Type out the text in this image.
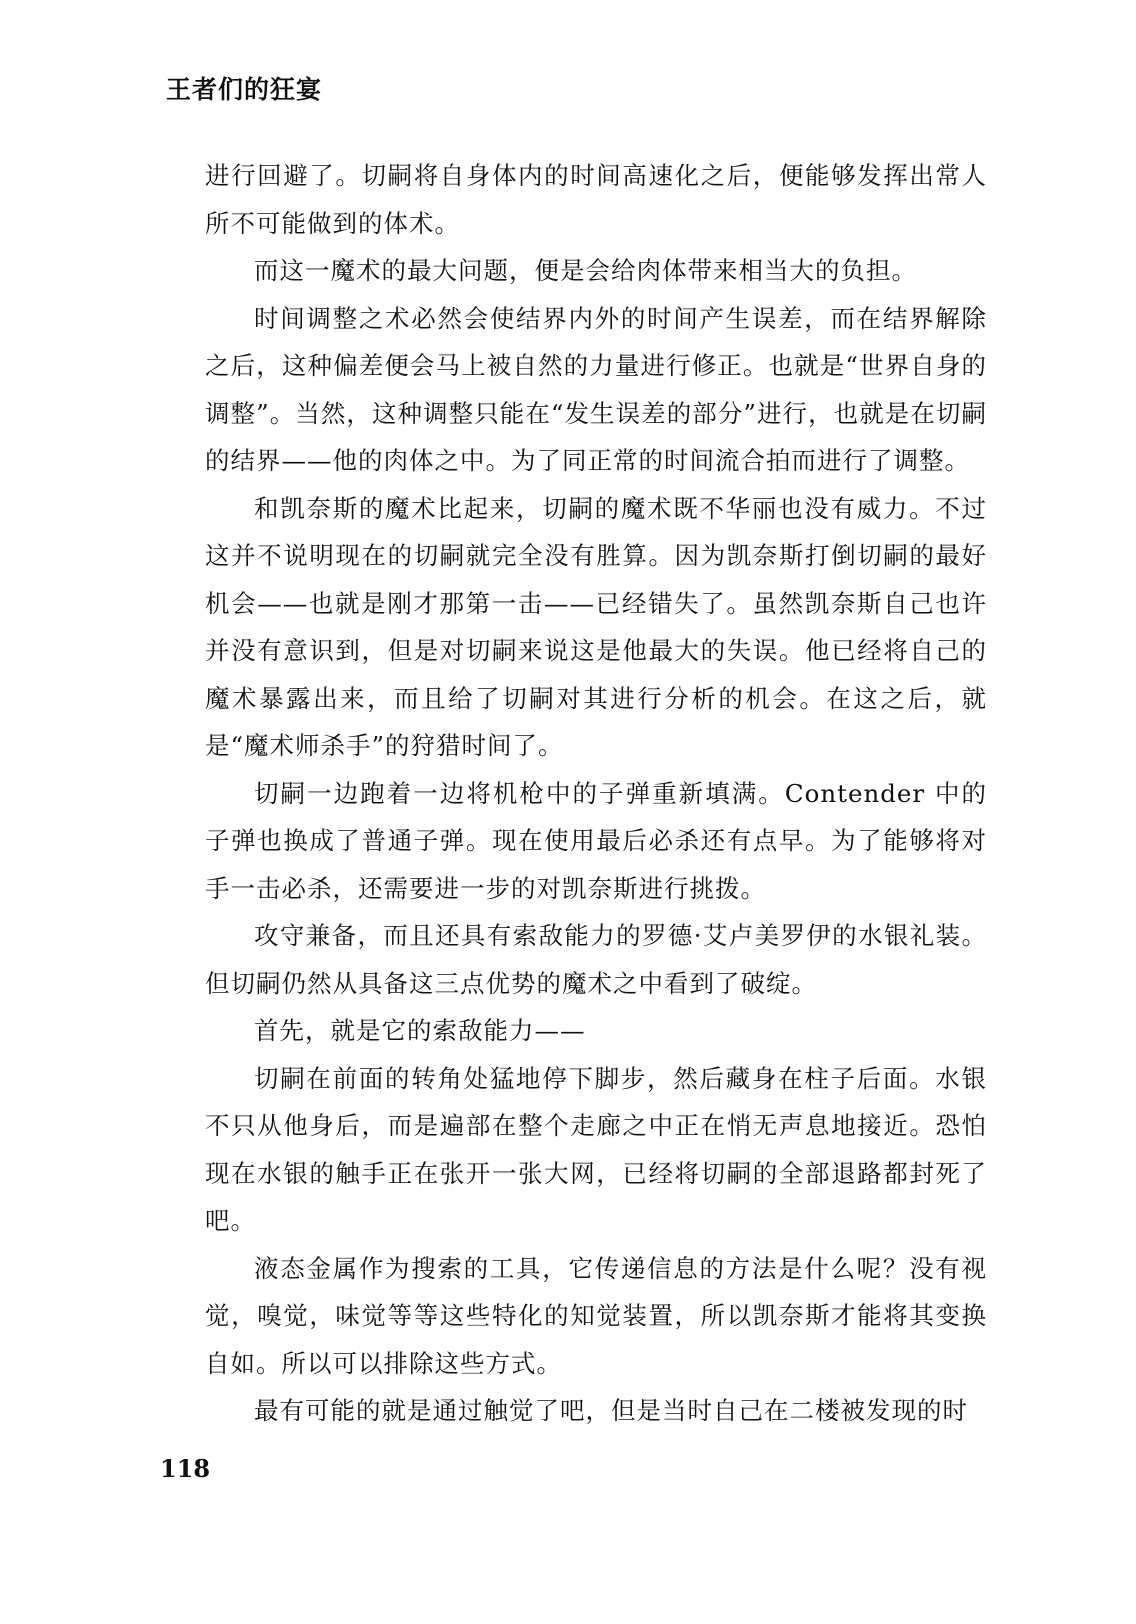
王者们的狂宴

进行回避了。切嗣将自身体内的时间高速化之后，便能够发挥出常人所不可能做到的体术。

而这一魔术的最大问题，便是会给肉体带来相当大的负担。

时间调整之术必然会使结界内外的时间产生误差，而在结界解除之后，这种偏差便会马上被自然的力量进行修正。也就是“世界自身的调整”。当然，这种调整只能在“发生误差的部分”进行，也就是在切嗣的结界——他的肉体之中。为了同正常的时间流合拍而进行了调整。

和凯奈斯的魔术比起来，切嗣的魔术既不华丽也没有威力。不过这并不说明现在的切嗣就完全没有胜算。因为凯奈斯打倒切嗣的最好机会——也就是刚才那第一击——已经错失了。虽然凯奈斯自己也许并没有意识到，但是对切嗣来说这是他最大的失误。他已经将自己的魔术暴露出来，而且给了切嗣对其进行分析的机会。在这之后，就是“魔术师杀手”的狩猎时间了。

切嗣一边跑着一边将机枪中的子弹重新填满。Contender 中的子弹也换成了普通子弹。现在使用最后必杀还有点早。为了能够将对手一击必杀，还需要进一步的对凯奈斯进行挑拨。

攻守兼备，而且还具有索敌能力的罗德·艾卢美罗伊的水银礼装。但切嗣仍然从具备这三点优势的魔术之中看到了破绽。

首先，就是它的索敌能力——

切嗣在前面的转角处猛地停下脚步，然后藏身在柱子后面。水银不只从他身后，而是遍部在整个走廊之中正在悄无声息地接近。恐怕现在水银的触手正在张开一张大网，已经将切嗣的全部退路都封死了吧。

液态金属作为搜索的工具，它传递信息的方法是什么呢？没有视觉，嗅觉，味觉等等这些特化的知觉装置，所以凯奈斯才能将其变换自如。所以可以排除这些方式。

最有可能的就是通过触觉了吧，但是当时自己在二楼被发现的时

118
